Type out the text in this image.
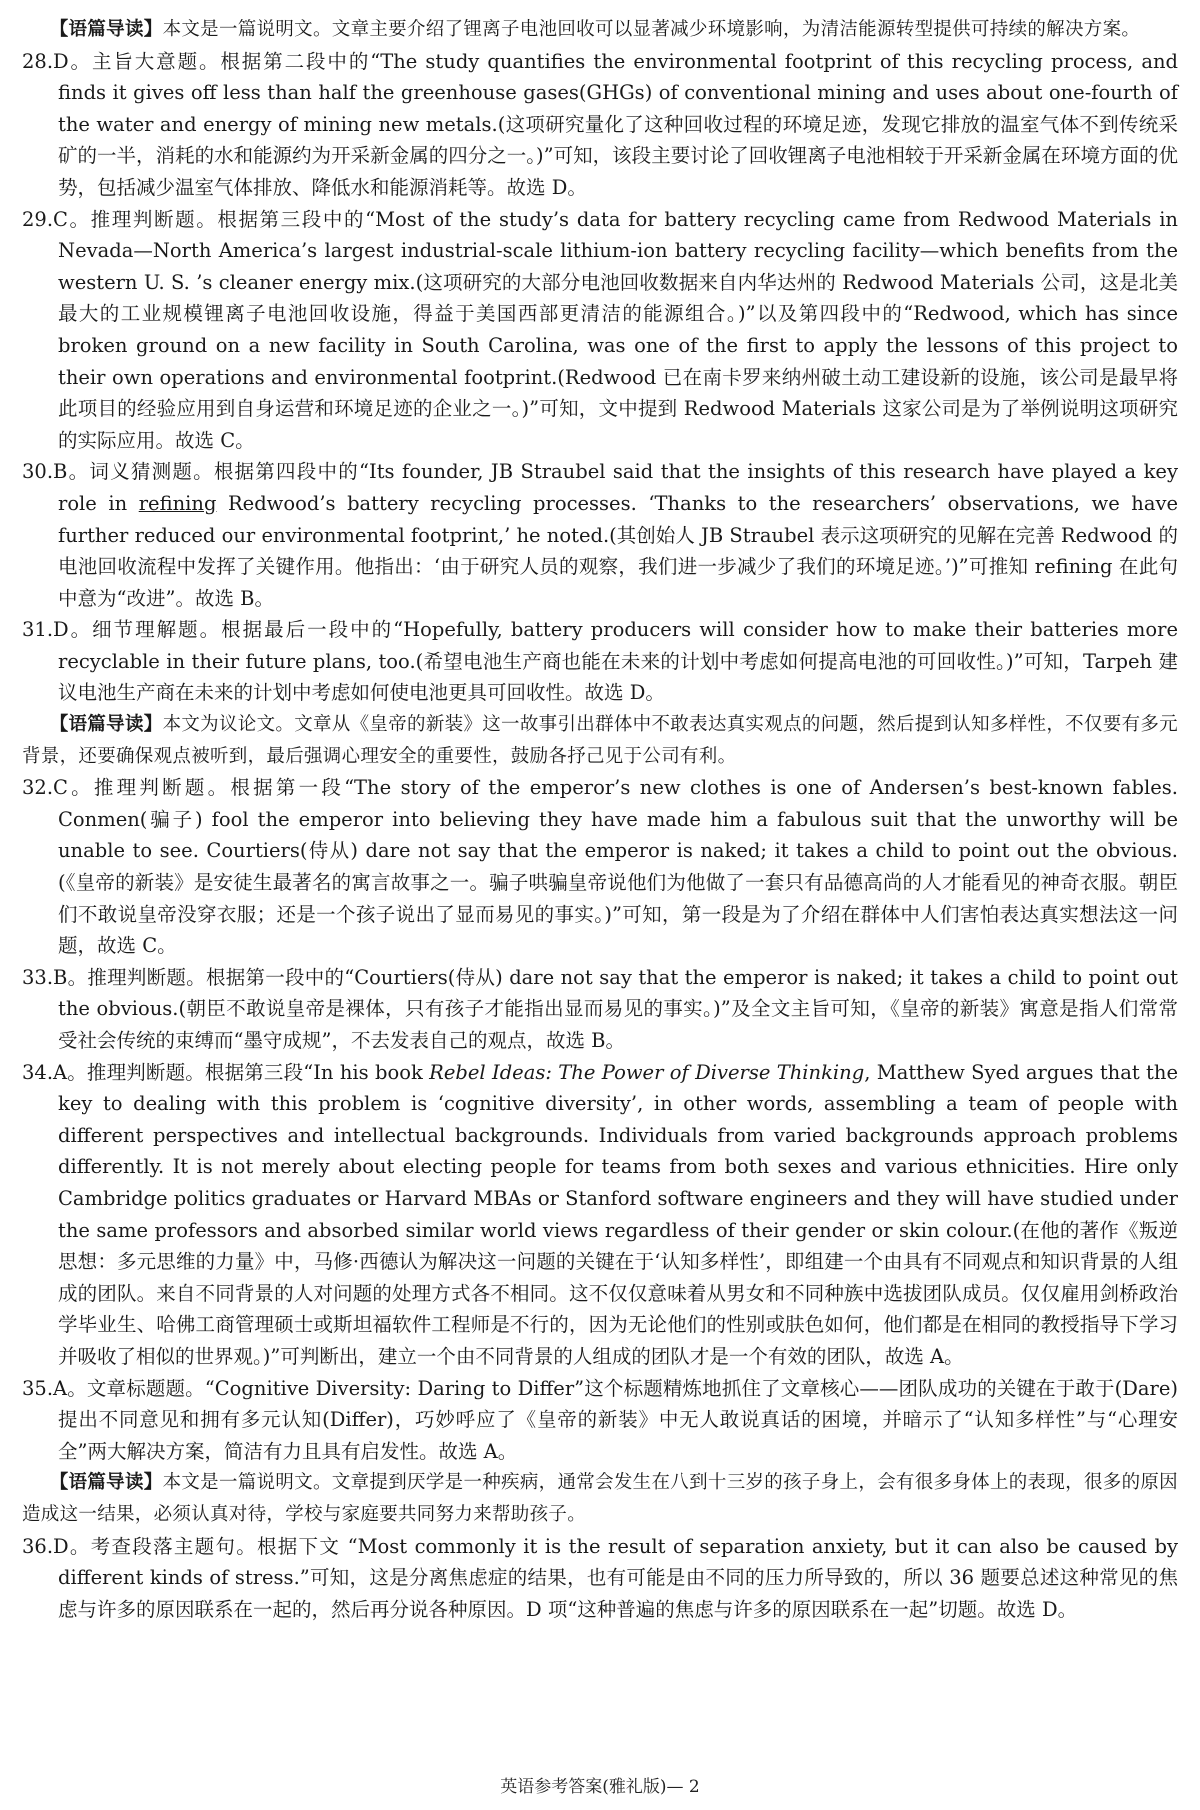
【语篇导读】本文是一篇说明文。文章主要介绍了锂离子电池回收可以显著减少环境影响，为清洁能源转型提供可持续的解决方案。

28.D。主旨大意题。根据第二段中的“The study quantifies the environmental footprint of this recycling process, and finds it gives off less than half the greenhouse gases(GHGs) of conventional mining and uses about one-fourth of the water and energy of mining new metals.(这项研究量化了这种回收过程的环境足迹，发现它排放的温室气体不到传统采矿的一半，消耗的水和能源约为开采新金属的四分之一。)”可知，该段主要讨论了回收锂离子电池相较于开采新金属在环境方面的优势，包括减少温室气体排放、降低水和能源消耗等。故选 D。

29.C。推理判断题。根据第三段中的“Most of the study’s data for battery recycling came from Redwood Materials in Nevada—North America’s largest industrial-scale lithium-ion battery recycling facility—which benefits from the western U. S. ’s cleaner energy mix.(这项研究的大部分电池回收数据来自内华达州的 Redwood Materials 公司，这是北美最大的工业规模锂离子电池回收设施，得益于美国西部更清洁的能源组合。)”以及第四段中的“Redwood, which has since broken ground on a new facility in South Carolina, was one of the first to apply the lessons of this project to their own operations and environmental footprint.(Redwood 已在南卡罗来纳州破土动工建设新的设施，该公司是最早将此项目的经验应用到自身运营和环境足迹的企业之一。)”可知，文中提到 Redwood Materials 这家公司是为了举例说明这项研究的实际应用。故选 C。

30.B。词义猜测题。根据第四段中的“Its founder, JB Straubel said that the insights of this research have played a key role in refining Redwood’s battery recycling processes. ‘Thanks to the researchers’ observations, we have further reduced our environmental footprint,’ he noted.(其创始人 JB Straubel 表示这项研究的见解在完善 Redwood 的电池回收流程中发挥了关键作用。他指出：‘由于研究人员的观察，我们进一步减少了我们的环境足迹。’)”可推知 refining 在此句中意为“改进”。故选 B。

31.D。细节理解题。根据最后一段中的“Hopefully, battery producers will consider how to make their batteries more recyclable in their future plans, too.(希望电池生产商也能在未来的计划中考虑如何提高电池的可回收性。)”可知，Tarpeh 建议电池生产商在未来的计划中考虑如何使电池更具可回收性。故选 D。

【语篇导读】本文为议论文。文章从《皇帝的新装》这一故事引出群体中不敢表达真实观点的问题，然后提到认知多样性，不仅要有多元背景，还要确保观点被听到，最后强调心理安全的重要性，鼓励各抒己见于公司有利。

32.C。推理判断题。根据第一段“The story of the emperor’s new clothes is one of Andersen’s best-known fables. Conmen(骗子) fool the emperor into believing they have made him a fabulous suit that the unworthy will be unable to see. Courtiers(侍从) dare not say that the emperor is naked; it takes a child to point out the obvious.(《皇帝的新装》是安徒生最著名的寓言故事之一。骗子哄骗皇帝说他们为他做了一套只有品德高尚的人才能看见的神奇衣服。朝臣们不敢说皇帝没穿衣服；还是一个孩子说出了显而易见的事实。)”可知，第一段是为了介绍在群体中人们害怕表达真实想法这一问题，故选 C。

33.B。推理判断题。根据第一段中的“Courtiers(侍从) dare not say that the emperor is naked; it takes a child to point out the obvious.(朝臣不敢说皇帝是裸体，只有孩子才能指出显而易见的事实。)”及全文主旨可知，《皇帝的新装》寓意是指人们常常受社会传统的束缚而“墨守成规”，不去发表自己的观点，故选 B。

34.A。推理判断题。根据第三段“In his book Rebel Ideas: The Power of Diverse Thinking, Matthew Syed argues that the key to dealing with this problem is ‘cognitive diversity’, in other words, assembling a team of people with different perspectives and intellectual backgrounds. Individuals from varied backgrounds approach problems differently. It is not merely about electing people for teams from both sexes and various ethnicities. Hire only Cambridge politics graduates or Harvard MBAs or Stanford software engineers and they will have studied under the same professors and absorbed similar world views regardless of their gender or skin colour.(在他的著作《叛逆思想：多元思维的力量》中，马修·西德认为解决这一问题的关键在于‘认知多样性’，即组建一个由具有不同观点和知识背景的人组成的团队。来自不同背景的人对问题的处理方式各不相同。这不仅仅意味着从男女和不同种族中选拔团队成员。仅仅雇用剑桥政治学毕业生、哈佛工商管理硕士或斯坦福软件工程师是不行的，因为无论他们的性别或肤色如何，他们都是在相同的教授指导下学习并吸收了相似的世界观。)”可判断出，建立一个由不同背景的人组成的团队才是一个有效的团队，故选 A。

35.A。文章标题题。“Cognitive Diversity: Daring to Differ”这个标题精炼地抓住了文章核心——团队成功的关键在于敢于(Dare)提出不同意见和拥有多元认知(Differ)，巧妙呼应了《皇帝的新装》中无人敢说真话的困境，并暗示了“认知多样性”与“心理安全”两大解决方案，简洁有力且具有启发性。故选 A。

【语篇导读】本文是一篇说明文。文章提到厌学是一种疾病，通常会发生在八到十三岁的孩子身上，会有很多身体上的表现，很多的原因造成这一结果，必须认真对待，学校与家庭要共同努力来帮助孩子。

36.D。考查段落主题句。根据下文 “Most commonly it is the result of separation anxiety, but it can also be caused by different kinds of stress.”可知，这是分离焦虑症的结果，也有可能是由不同的压力所导致的，所以 36 题要总述这种常见的焦虑与许多的原因联系在一起的，然后再分说各种原因。D 项“这种普遍的焦虑与许多的原因联系在一起”切题。故选 D。

英语参考答案(雅礼版)— 2
